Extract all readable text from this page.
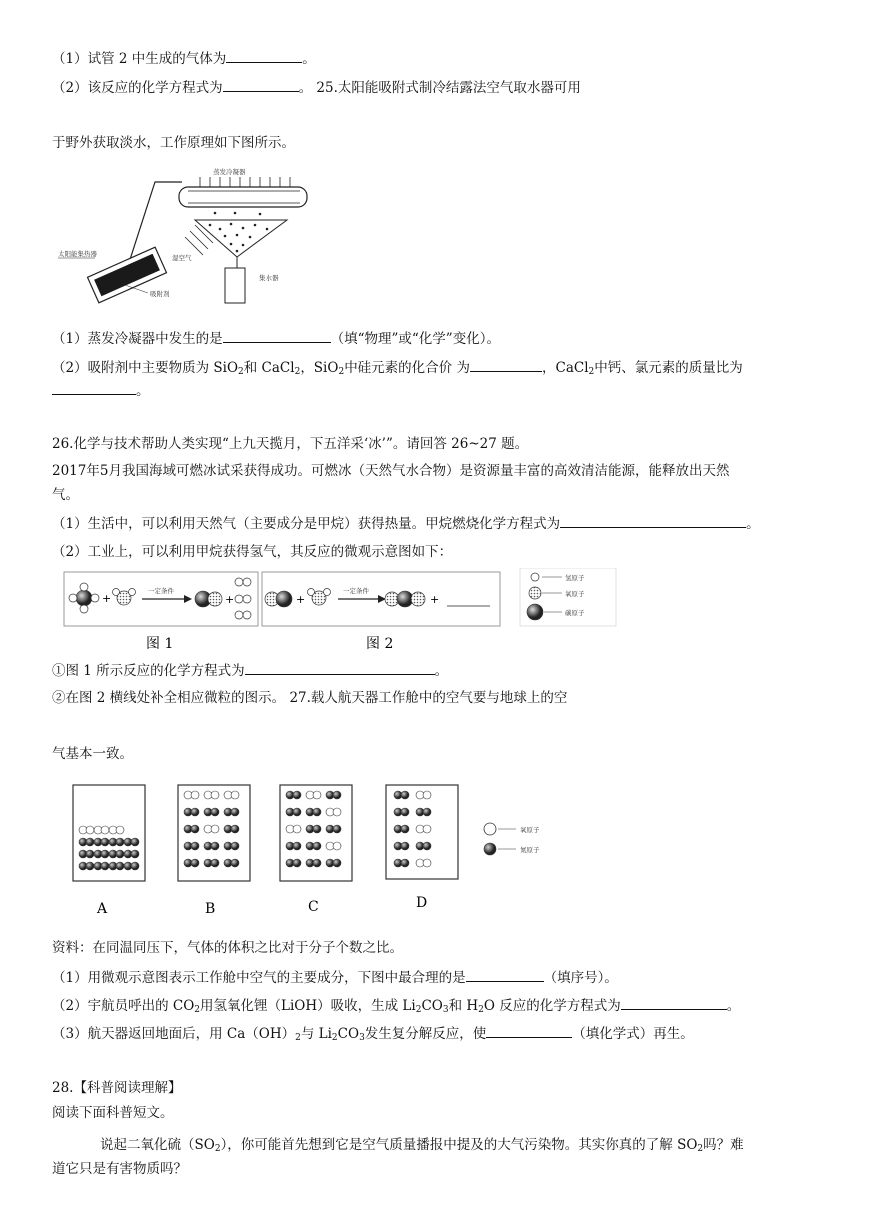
（1）试管 2 中生成的气体为	。
（2）该反应的化学方程式为	。 25.太阳能吸附式制冷结露法空气取水器可用
于野外获取淡水，工作原理如下图所示。
蒸发冷凝器
集水器
湿空气
太阳能集热器
吸附剂
（1）蒸发冷凝器中发生的是	（填“物理”或“化学”变化）。
（2）吸附剂中主要物质为 SiO$_2$和 CaCl$_2$，SiO$_2$中硅元素的化合价 为	，CaCl$_2$中钙、氯元素的质量比为
。
26.化学与技术帮助人类实现“上九天揽月，下五洋采‘冰’”。请回答 26~27 题。
2017年5月我国海域可燃冰试采获得成功。可燃冰（天然气水合物）是资源量丰富的高效清洁能源，能释放出天然
气。
（1）生活中，可以利用天然气（主要成分是甲烷）获得热量。甲烷燃烧化学方程式为	。
（2）工业上，可以利用甲烷获得氢气，其反应的微观示意图如下：
+
一定条件
+	+
一定条件
+
图 1	图 2
氢原子
氧原子
碳原子
①图 1 所示反应的化学方程式为	。
②在图 2 横线处补全相应微粒的图示。 27.载人航天器工作舱中的空气要与地球上的空
气基本一致。
A	B	C	D
氧原子
氮原子
资料：在同温同压下，气体的体积之比对于分子个数之比。
（1）用微观示意图表示工作舱中空气的主要成分，下图中最合理的是	（填序号）。
（2）宇航员呼出的 $CO_2$用氢氧化锂（LiOH）吸收，生成 $Li_2CO_3$和 $H_2O$ 反应的化学方程式为	。
（3）航天器返回地面后，用 $Ca(OH)_2$与 $Li_2CO_3$发生复分解反应，使	（填化学式）再生。
28.【科普阅读理解】
阅读下面科普短文。
说起二氧化硫$(SO_2)$，你可能首先想到它是空气质量播报中提及的大气污染物。其实你真的了解 $SO_2$吗？难
道它只是有害物质吗？
